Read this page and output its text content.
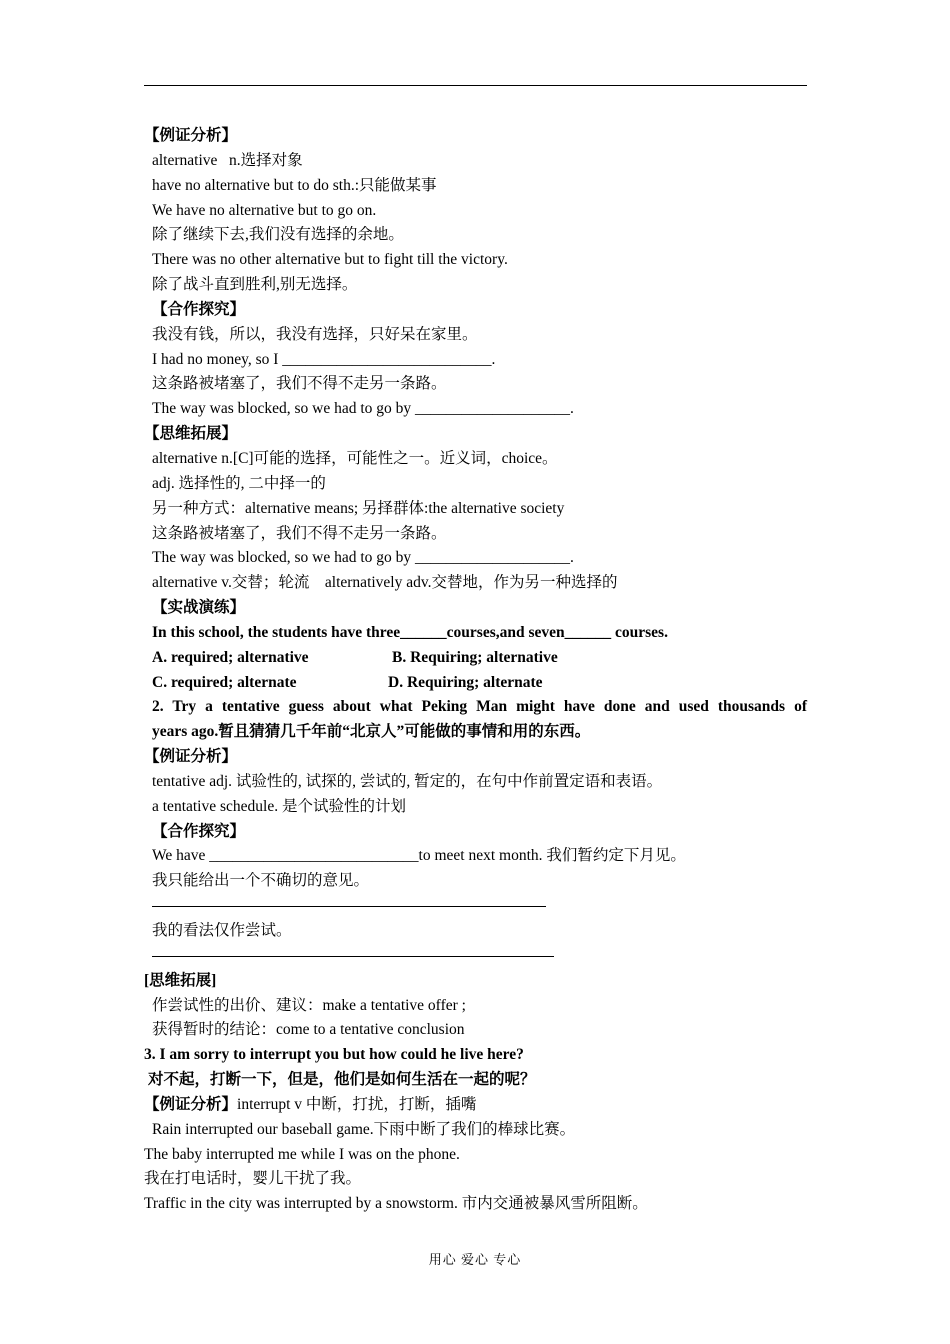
【例证分析】
alternative   n.选择对象
have no alternative but to do sth.:只能做某事
We have no alternative but to go on.
除了继续下去,我们没有选择的余地。
There was no other alternative but to fight till the victory.
除了战斗直到胜利,别无选择。
【合作探究】
我没有钱，所以，我没有选择，只好呆在家里。
I had no money, so I ___________________________.
这条路被堵塞了，我们不得不走另一条路。
The way was blocked, so we had to go by ____________________.
【思维拓展】
alternative n.[C]可能的选择，可能性之一。近义词，choice。
adj. 选择性的, 二中择一的
另一种方式：alternative means; 另择群体:the alternative society
这条路被堵塞了，我们不得不走另一条路。
The way was blocked, so we had to go by ____________________.
alternative v.交替；轮流    alternatively adv.交替地，作为另一种选择的
【实战演练】
In this school, the students have three______courses,and seven______ courses.
A. required; alternative	B. Requiring; alternative
C. required; alternate	D. Requiring; alternate
2. Try a tentative guess about what Peking Man might have done and used thousands of
years ago.暂且猜猜几千年前“北京人”可能做的事情和用的东西。
【例证分析】
tentative adj. 试验性的, 试探的, 尝试的, 暂定的，在句中作前置定语和表语。
a tentative schedule. 是个试验性的计划
【合作探究】
We have ___________________________to meet next month. 我们暂约定下月见。
我只能给出一个不确切的意见。
我的看法仅作尝试。
[思维拓展]
作尝试性的出价、建议：make a tentative offer ;
获得暂时的结论：come to a tentative conclusion
3. I am sorry to interrupt you but how could he live here?
对不起，打断一下，但是，他们是如何生活在一起的呢？
【例证分析】interrupt v 中断，打扰，打断，插嘴
Rain interrupted our baseball game.下雨中断了我们的棒球比赛。
The baby interrupted me while I was on the phone.
我在打电话时，婴儿干扰了我。
Traffic in the city was interrupted by a snowstorm. 市内交通被暴风雪所阻断。
用心 爱心 专心
